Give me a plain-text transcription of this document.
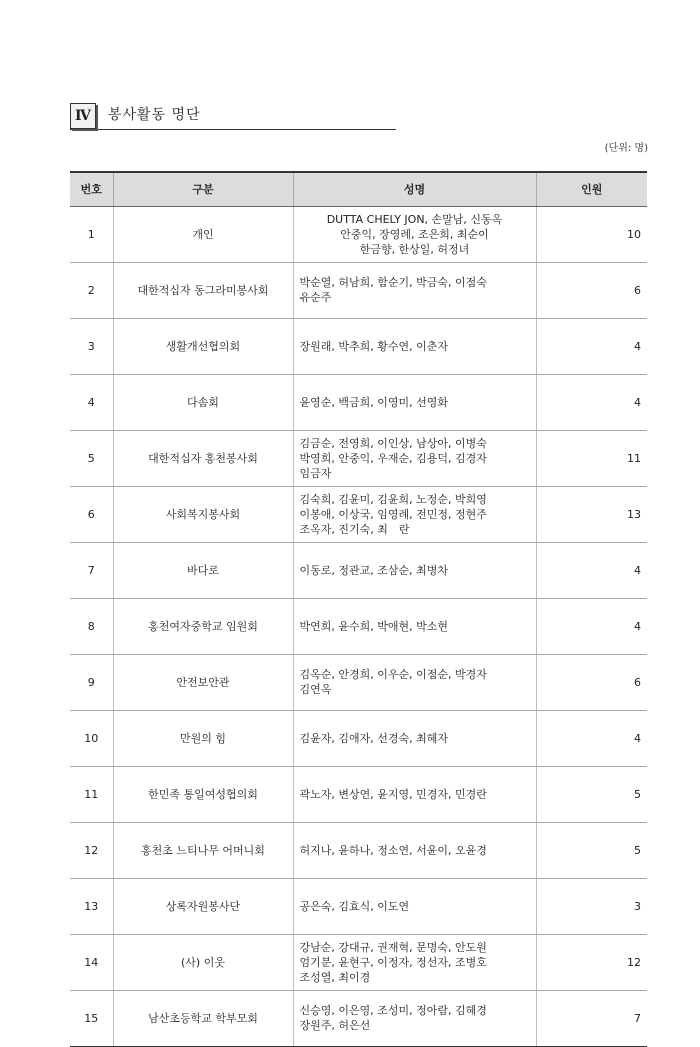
Ⅳ	봉사활동 명단
(단위: 명)
번호	구분	성명	인원
1	개인	DUTTA CHELY JON, 손말남, 신동옥
안중익, 장영례, 조은희, 최순이
한금향, 한상일, 허정녀	10
2	대한적십자 동그라미봉사회	박순열, 허남희, 함순기, 박금숙, 이점숙
유순주	6
3	생활개선협의회	장원래, 박추희, 황수연, 이춘자	4
4	다솜회	윤영순, 백금희, 이영미, 선영화	4
5	대한적십자 홍천봉사회	김금순, 전영희, 이인상, 남상아, 이병숙
박영희, 안중익, 우재순, 김용덕, 김경자
임금자	11
6	사회복지봉사회	김숙희, 김윤미, 김윤희, 노정순, 박희영
이봉애, 이상국, 임영례, 전민정, 정현주
조옥자, 진기숙, 최　란	13
7	바다로	이동로, 정관교, 조삼순, 최병차	4
8	홍천여자중학교 임원회	박연희, 윤수희, 박애현, 박소현	4
9	안전보안관	김옥순, 안경희, 이우순, 이점순, 박경자
김연옥	6
10	만원의 힘	김윤자, 김애자, 선경숙, 최혜자	4
11	한민족 통일여성협의회	곽노자, 변상연, 윤지영, 민경자, 민경란	5
12	홍천초 느티나무 어머니회	허지나, 윤하나, 정소연, 서윤이, 오윤경	5
13	상록자원봉사단	공은숙, 김효식, 이도연	3
14	(사) 이웃	강남순, 강대규, 권재혁, 문명숙, 안도원
엄기분, 윤현구, 이정자, 정선자, 조병호
조성열, 최이경	12
15	남산초등학교 학부모회	신승영, 이은영, 조성미, 정아람, 김혜경
장원주, 허은선	7
